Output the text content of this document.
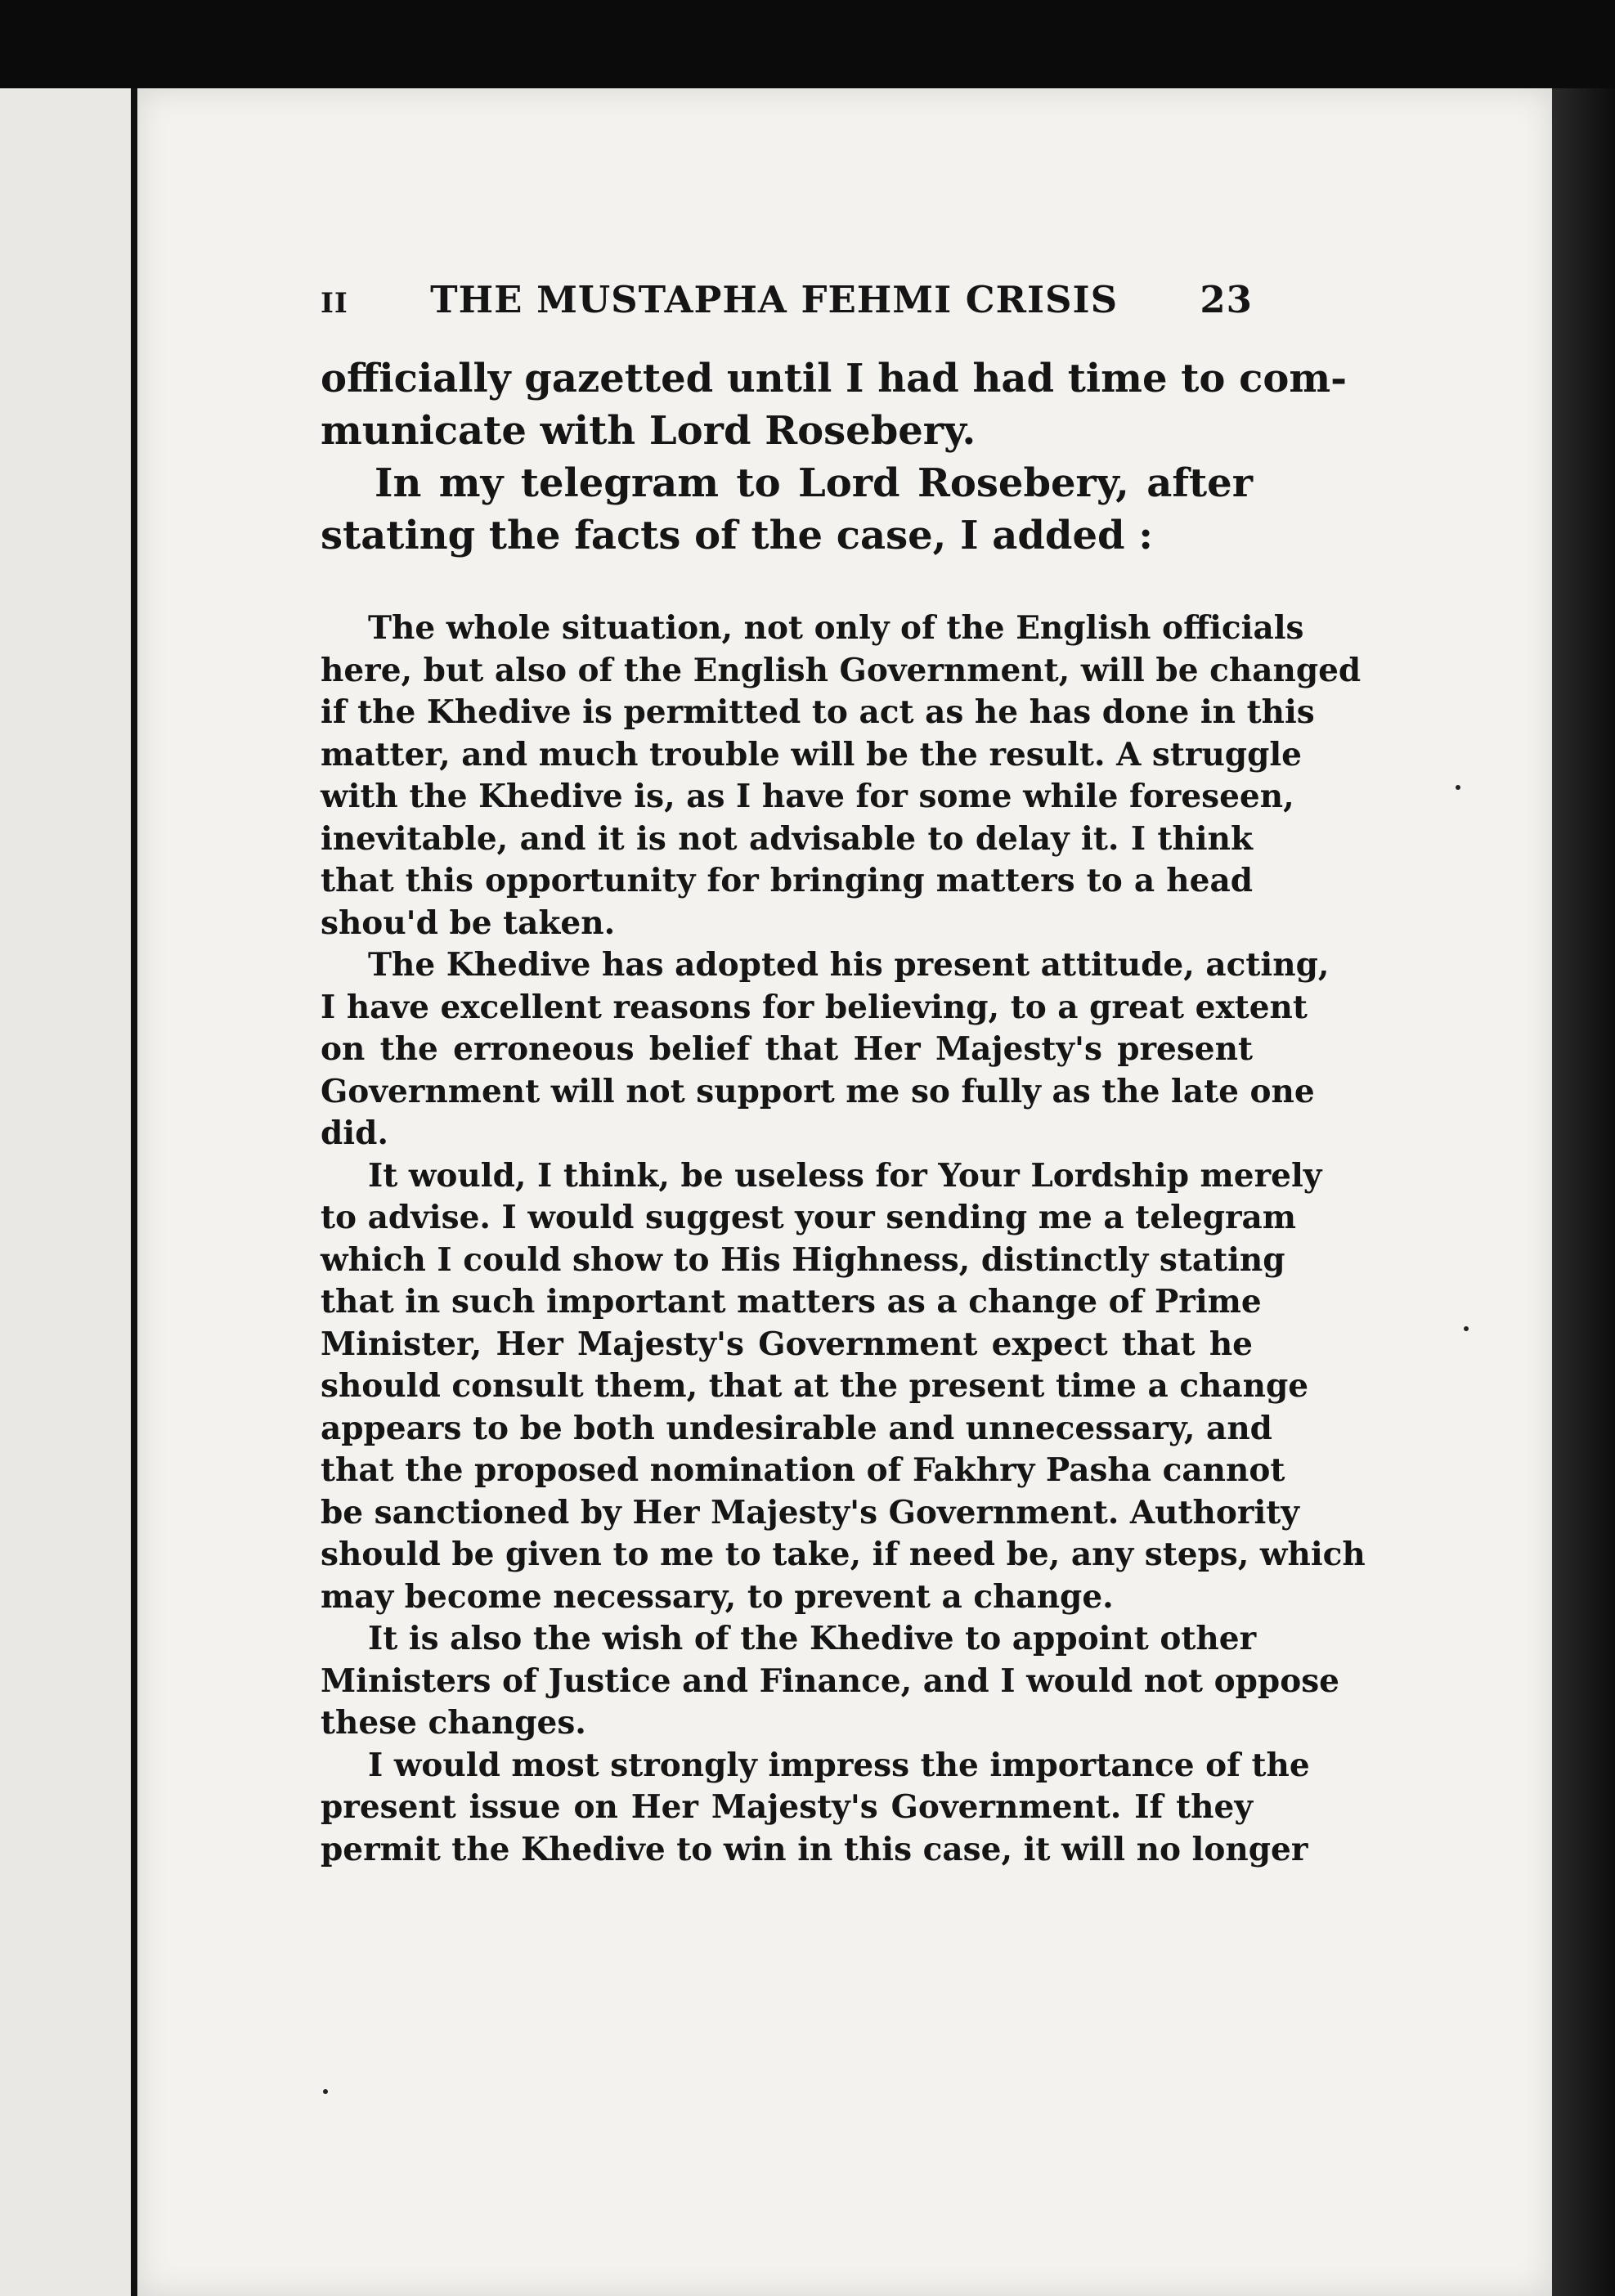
II THE MUSTAPHA FEHMI CRISIS 23
officially gazetted until I had had time to com-
municate with Lord Rosebery.
In my telegram to Lord Rosebery, after
stating the facts of the case, I added :
The whole situation, not only of the English officials
here, but also of the English Government, will be changed
if the Khedive is permitted to act as he has done in this
matter, and much trouble will be the result. A struggle
with the Khedive is, as I have for some while foreseen,
inevitable, and it is not advisable to delay it. I think
that this opportunity for bringing matters to a head
shou'd be taken.
The Khedive has adopted his present attitude, acting,
I have excellent reasons for believing, to a great extent
on the erroneous belief that Her Majesty's present
Government will not support me so fully as the late one
did.
It would, I think, be useless for Your Lordship merely
to advise. I would suggest your sending me a telegram
which I could show to His Highness, distinctly stating
that in such important matters as a change of Prime
Minister, Her Majesty's Government expect that he
should consult them, that at the present time a change
appears to be both undesirable and unnecessary, and
that the proposed nomination of Fakhry Pasha cannot
be sanctioned by Her Majesty's Government. Authority
should be given to me to take, if need be, any steps, which
may become necessary, to prevent a change.
It is also the wish of the Khedive to appoint other
Ministers of Justice and Finance, and I would not oppose
these changes.
I would most strongly impress the importance of the
present issue on Her Majesty's Government. If they
permit the Khedive to win in this case, it will no longer
